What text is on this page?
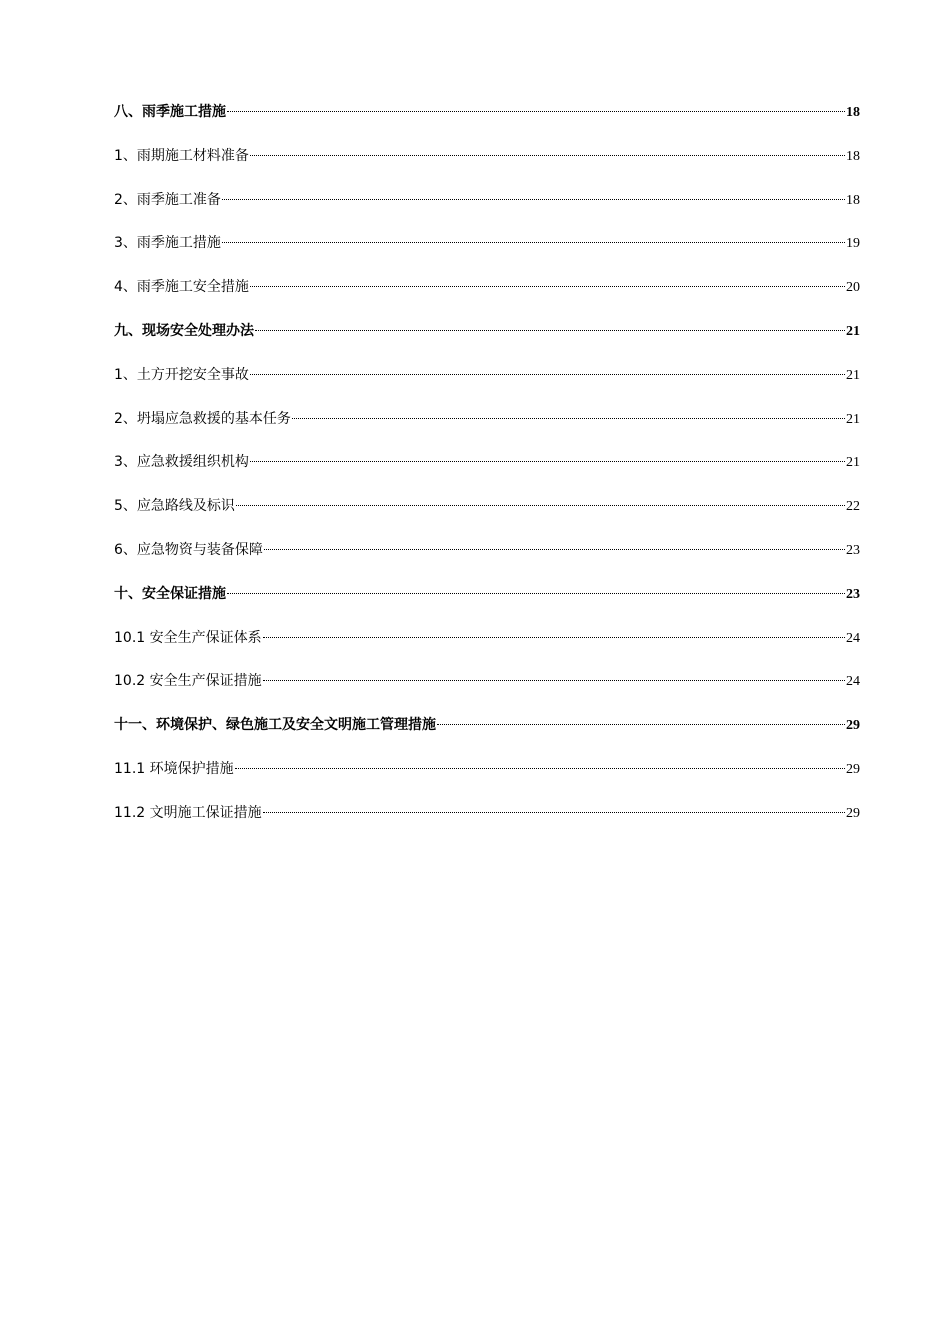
八、雨季施工措施	18
1、雨期施工材料准备	18
2、雨季施工准备	18
3、雨季施工措施	19
4、雨季施工安全措施	20
九、现场安全处理办法	21
1、土方开挖安全事故	21
2、坍塌应急救援的基本任务	21
3、应急救援组织机构	21
5、应急路线及标识	22
6、应急物资与装备保障	23
十、安全保证措施	23
10.1 安全生产保证体系	24
10.2 安全生产保证措施	24
十一、环境保护、绿色施工及安全文明施工管理措施	29
11.1 环境保护措施	29
11.2 文明施工保证措施	29
